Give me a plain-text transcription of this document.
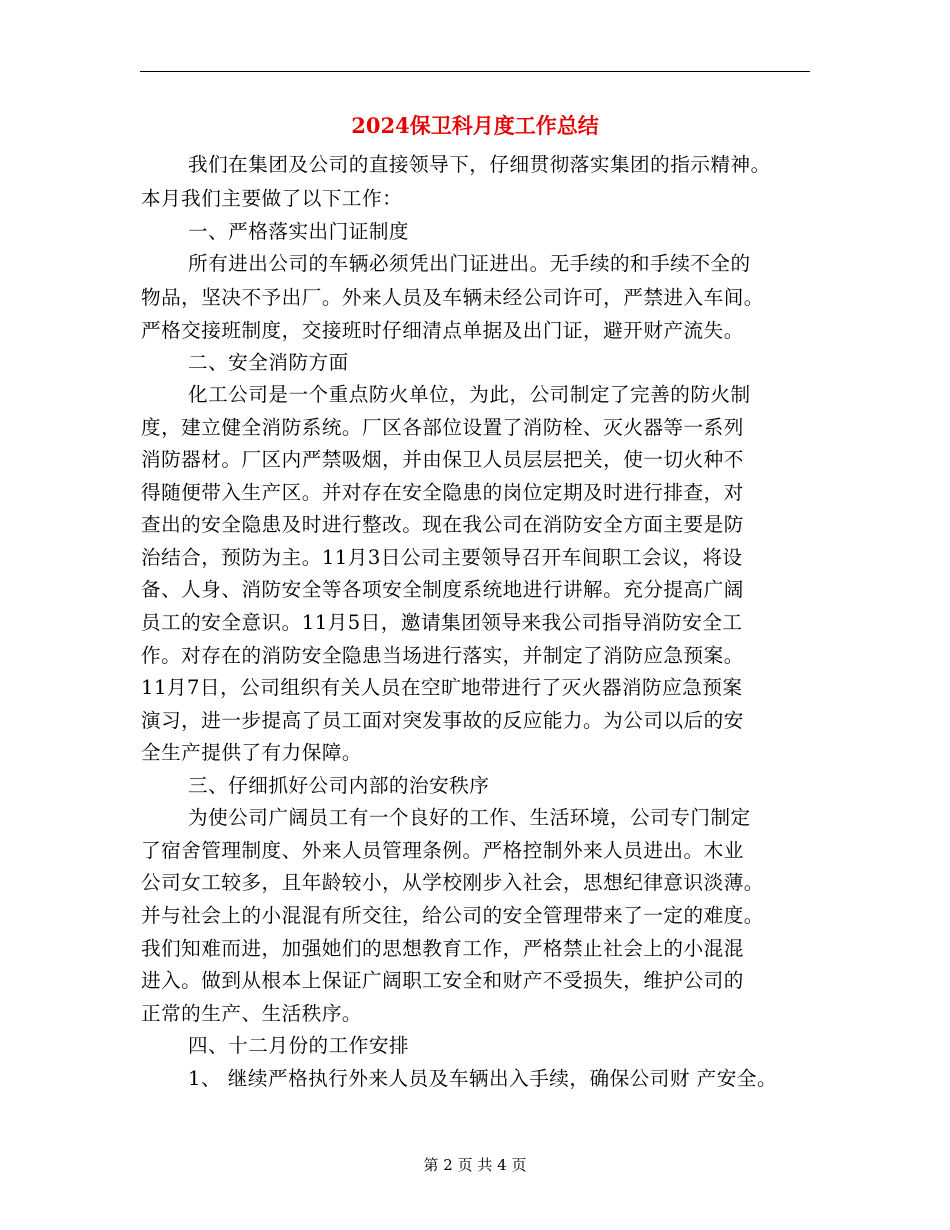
2024保卫科月度工作总结
我们在集团及公司的直接领导下，仔细贯彻落实集团的指示精神。
本月我们主要做了以下工作：
一、严格落实出门证制度
所有进出公司的车辆必须凭出门证进出。无手续的和手续不全的
物品，坚决不予出厂。外来人员及车辆未经公司许可，严禁进入车间。
严格交接班制度，交接班时仔细清点单据及出门证，避开财产流失。
二、安全消防方面
化工公司是一个重点防火单位，为此，公司制定了完善的防火制
度，建立健全消防系统。厂区各部位设置了消防栓、灭火器等一系列
消防器材。厂区内严禁吸烟，并由保卫人员层层把关，使一切火种不
得随便带入生产区。并对存在安全隐患的岗位定期及时进行排查，对
查出的安全隐患及时进行整改。现在我公司在消防安全方面主要是防
治结合，预防为主。11月3日公司主要领导召开车间职工会议，将设
备、人身、消防安全等各项安全制度系统地进行讲解。充分提高广阔
员工的安全意识。11月5日，邀请集团领导来我公司指导消防安全工
作。对存在的消防安全隐患当场进行落实，并制定了消防应急预案。
11月7日，公司组织有关人员在空旷地带进行了灭火器消防应急预案
演习，进一步提高了员工面对突发事故的反应能力。为公司以后的安
全生产提供了有力保障。
三、仔细抓好公司内部的治安秩序
为使公司广阔员工有一个良好的工作、生活环境，公司专门制定
了宿舍管理制度、外来人员管理条例。严格控制外来人员进出。木业
公司女工较多，且年龄较小，从学校刚步入社会，思想纪律意识淡薄。
并与社会上的小混混有所交往，给公司的安全管理带来了一定的难度。
我们知难而进，加强她们的思想教育工作，严格禁止社会上的小混混
进入。做到从根本上保证广阔职工安全和财产不受损失，维护公司的
正常的生产、生活秩序。
四、十二月份的工作安排
1、 继续严格执行外来人员及车辆出入手续，确保公司财 产安全。
第 2 页 共 4 页
